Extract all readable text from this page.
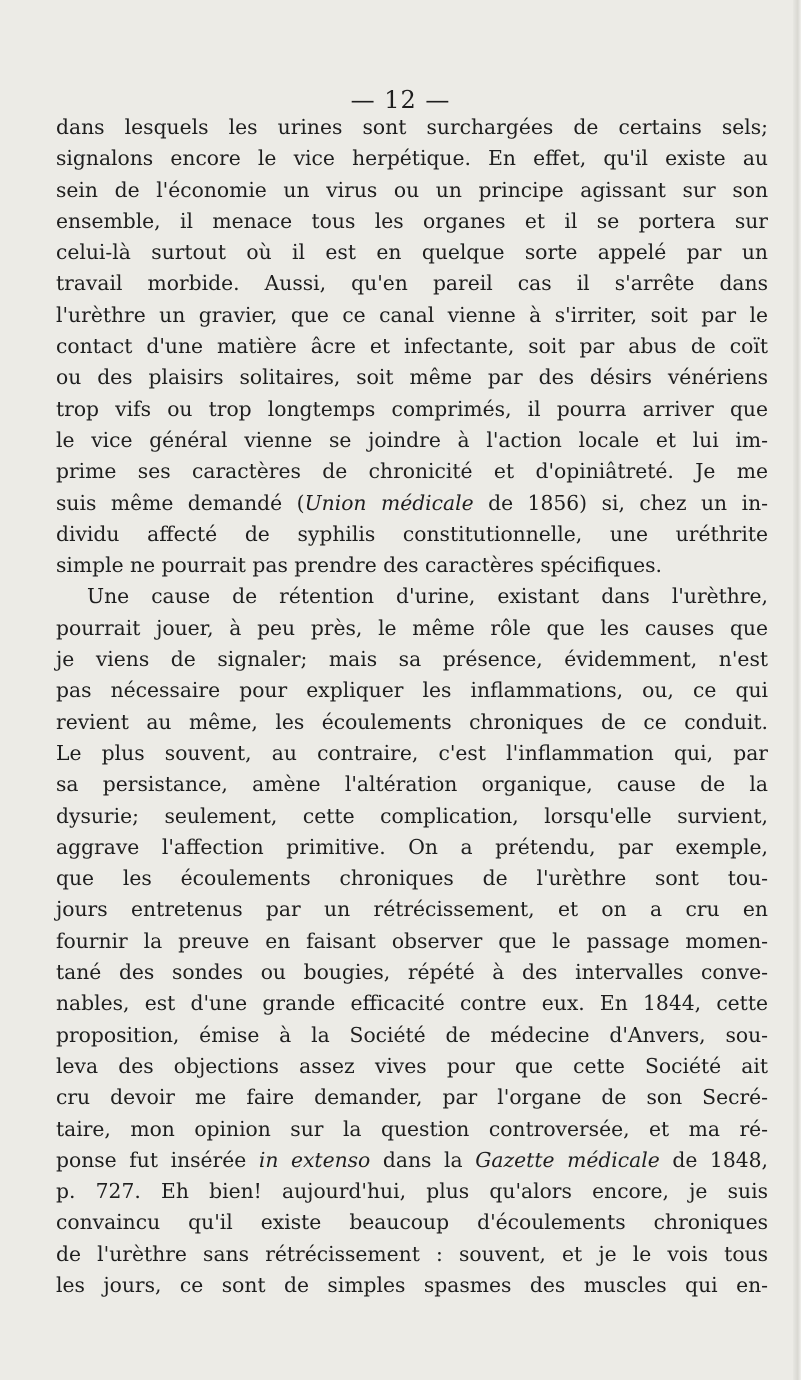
— 12 —
dans lesquels les urines sont surchargées de certains sels;
signalons encore le vice herpétique. En effet, qu'il existe au
sein de l'économie un virus ou un principe agissant sur son
ensemble, il menace tous les organes et il se portera sur
celui-là surtout où il est en quelque sorte appelé par un
travail morbide. Aussi, qu'en pareil cas il s'arrête dans
l'urèthre un gravier, que ce canal vienne à s'irriter, soit par le
contact d'une matière âcre et infectante, soit par abus de coït
ou des plaisirs solitaires, soit même par des désirs vénériens
trop vifs ou trop longtemps comprimés, il pourra arriver que
le vice général vienne se joindre à l'action locale et lui im-
prime ses caractères de chronicité et d'opiniâtreté. Je me
suis même demandé (Union médicale de 1856) si, chez un in-
dividu affecté de syphilis constitutionnelle, une uréthrite
simple ne pourrait pas prendre des caractères spécifiques.
Une cause de rétention d'urine, existant dans l'urèthre,
pourrait jouer, à peu près, le même rôle que les causes que
je viens de signaler; mais sa présence, évidemment, n'est
pas nécessaire pour expliquer les inflammations, ou, ce qui
revient au même, les écoulements chroniques de ce conduit.
Le plus souvent, au contraire, c'est l'inflammation qui, par
sa persistance, amène l'altération organique, cause de la
dysurie; seulement, cette complication, lorsqu'elle survient,
aggrave l'affection primitive. On a prétendu, par exemple,
que les écoulements chroniques de l'urèthre sont tou-
jours entretenus par un rétrécissement, et on a cru en
fournir la preuve en faisant observer que le passage momen-
tané des sondes ou bougies, répété à des intervalles conve-
nables, est d'une grande efficacité contre eux. En 1844, cette
proposition, émise à la Société de médecine d'Anvers, sou-
leva des objections assez vives pour que cette Société ait
cru devoir me faire demander, par l'organe de son Secré-
taire, mon opinion sur la question controversée, et ma ré-
ponse fut insérée in extenso dans la Gazette médicale de 1848,
p. 727. Eh bien! aujourd'hui, plus qu'alors encore, je suis
convaincu qu'il existe beaucoup d'écoulements chroniques
de l'urèthre sans rétrécissement : souvent, et je le vois tous
les jours, ce sont de simples spasmes des muscles qui en-
